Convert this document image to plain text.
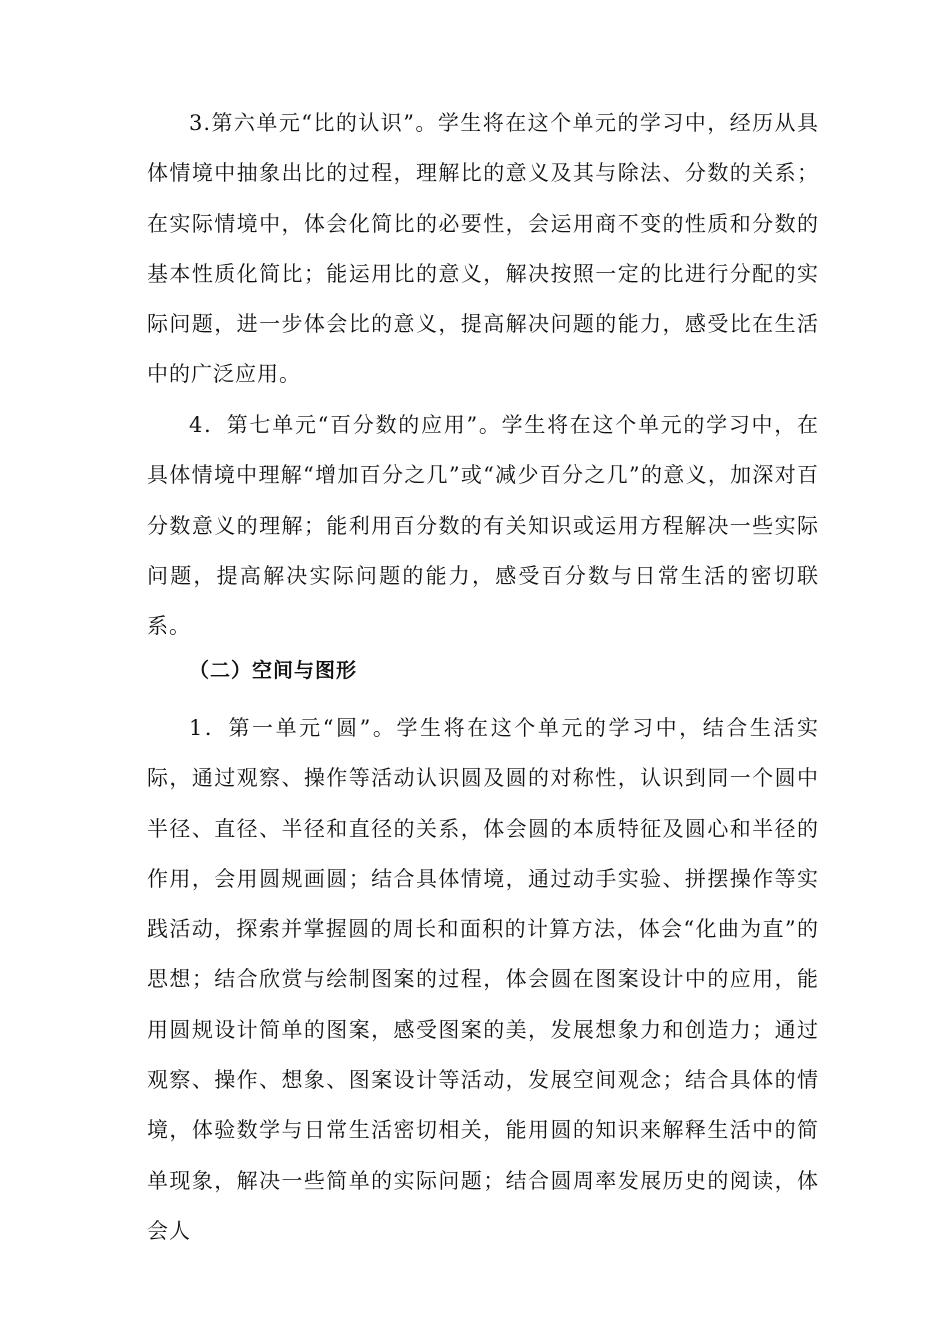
3.第六单元“比的认识”。学生将在这个单元的学习中，经历从具体情境中抽象出比的过程，理解比的意义及其与除法、分数的关系；在实际情境中，体会化简比的必要性，会运用商不变的性质和分数的基本性质化简比；能运用比的意义，解决按照一定的比进行分配的实际问题，进一步体会比的意义，提高解决问题的能力，感受比在生活中的广泛应用。

4．第七单元“百分数的应用”。学生将在这个单元的学习中，在具体情境中理解“增加百分之几”或“减少百分之几”的意义，加深对百分数意义的理解；能利用百分数的有关知识或运用方程解决一些实际问题，提高解决实际问题的能力，感受百分数与日常生活的密切联系。

（二）空间与图形

1．第一单元“圆”。学生将在这个单元的学习中，结合生活实际，通过观察、操作等活动认识圆及圆的对称性，认识到同一个圆中半径、直径、半径和直径的关系，体会圆的本质特征及圆心和半径的作用，会用圆规画圆；结合具体情境，通过动手实验、拼摆操作等实践活动，探索并掌握圆的周长和面积的计算方法，体会“化曲为直”的思想；结合欣赏与绘制图案的过程，体会圆在图案设计中的应用，能用圆规设计简单的图案，感受图案的美，发展想象力和创造力；通过观察、操作、想象、图案设计等活动，发展空间观念；结合具体的情境，体验数学与日常生活密切相关，能用圆的知识来解释生活中的简单现象，解决一些简单的实际问题；结合圆周率发展历史的阅读，体会人
